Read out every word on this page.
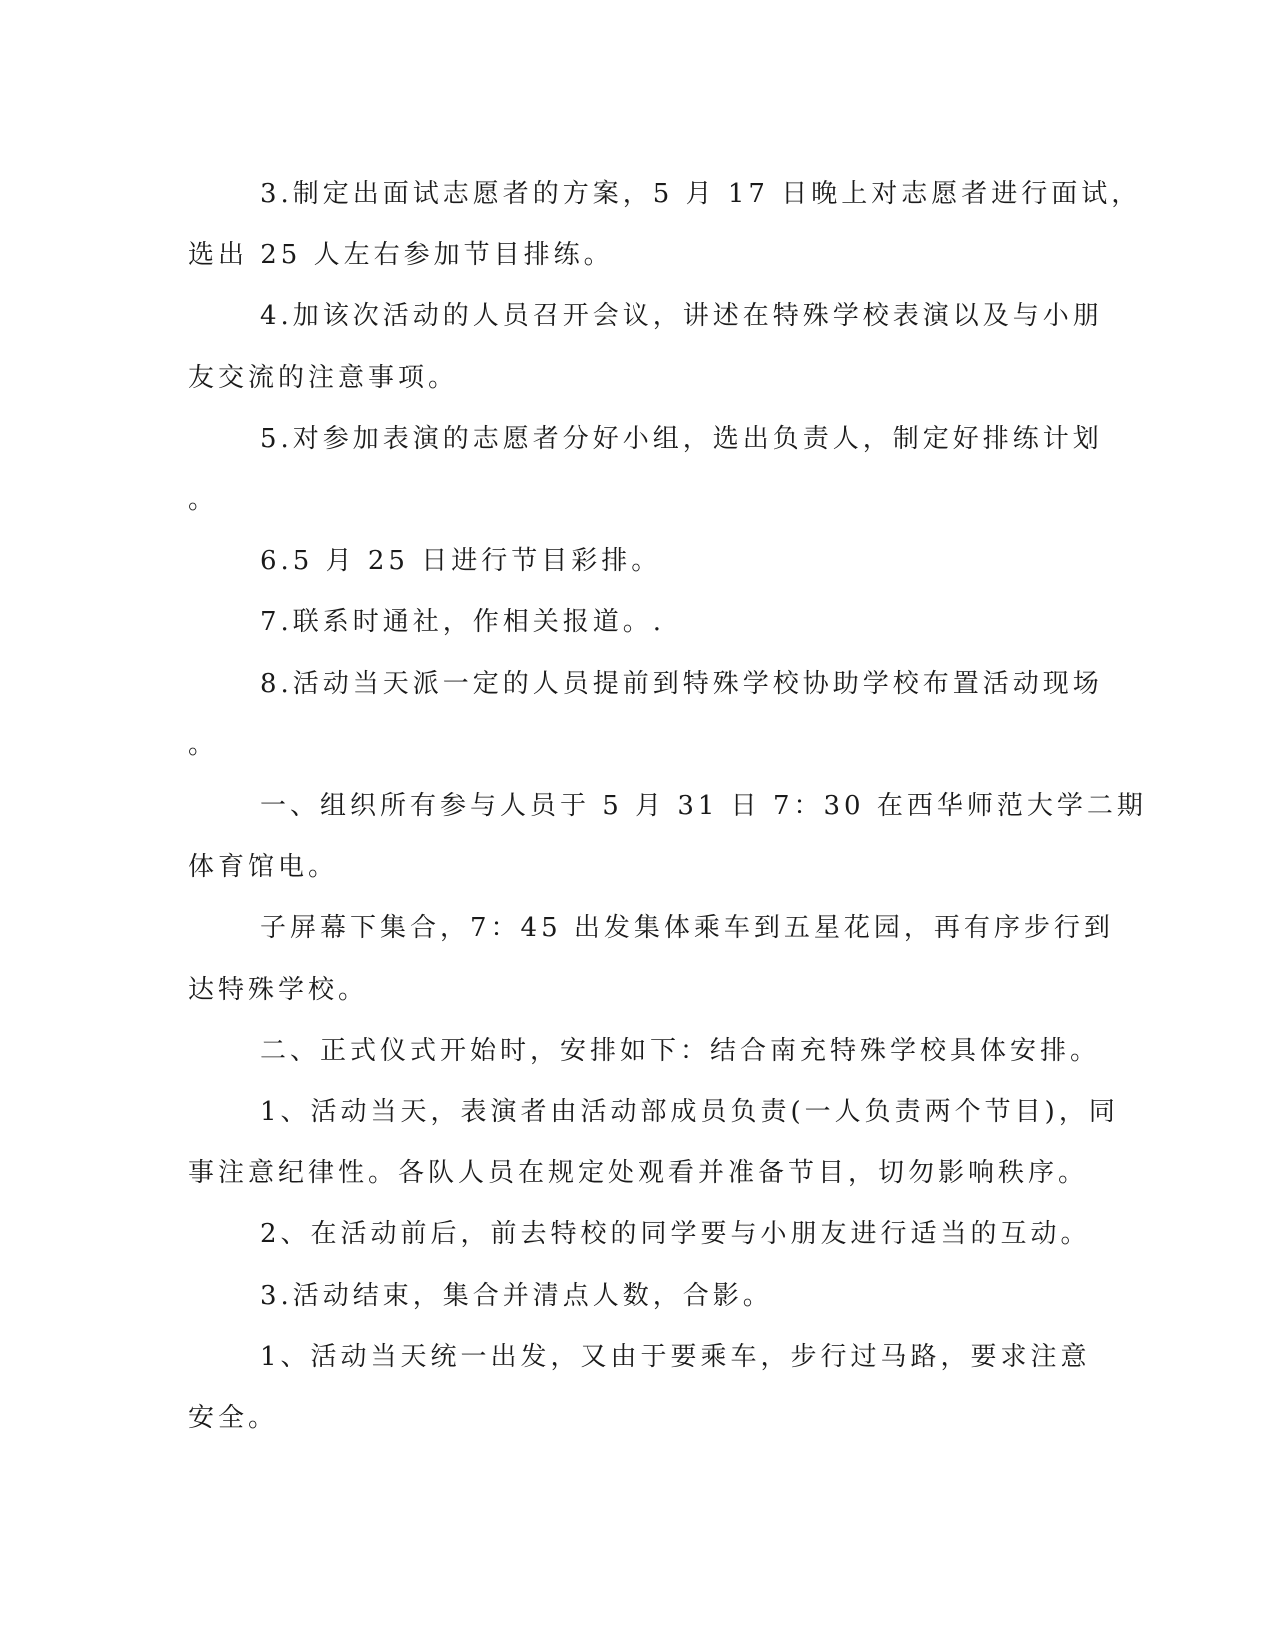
3.制定出面试志愿者的方案，5 月 17 日晚上对志愿者进行面试，
选出 25 人左右参加节目排练。
4.加该次活动的人员召开会议，讲述在特殊学校表演以及与小朋
友交流的注意事项。
5.对参加表演的志愿者分好小组，选出负责人，制定好排练计划
。
6.5 月 25 日进行节目彩排。
7.联系时通社，作相关报道。.
8.活动当天派一定的人员提前到特殊学校协助学校布置活动现场
。
一、组织所有参与人员于 5 月 31 日 7：30 在西华师范大学二期
体育馆电。
子屏幕下集合，7：45 出发集体乘车到五星花园，再有序步行到
达特殊学校。
二、正式仪式开始时，安排如下：结合南充特殊学校具体安排。
1、活动当天，表演者由活动部成员负责(一人负责两个节目)，同
事注意纪律性。各队人员在规定处观看并准备节目，切勿影响秩序。
2、在活动前后，前去特校的同学要与小朋友进行适当的互动。
3.活动结束，集合并清点人数，合影。
1、活动当天统一出发，又由于要乘车，步行过马路，要求注意
安全。
